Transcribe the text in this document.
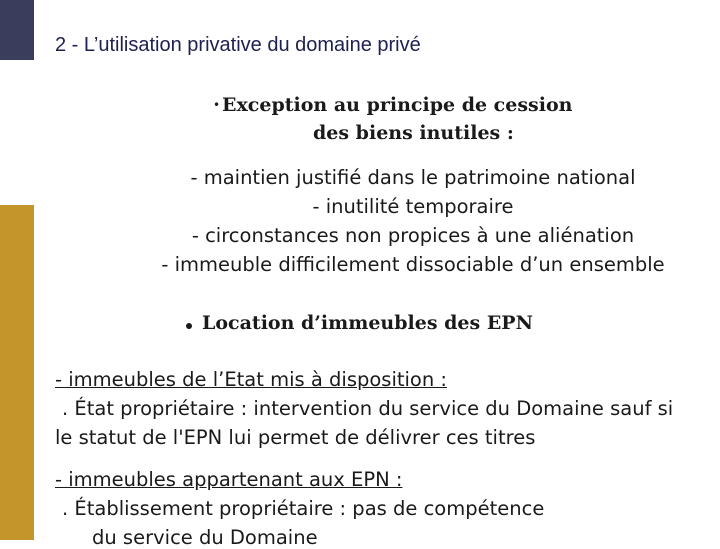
2 - L’utilisation privative du domaine privé
• Exception au principe de cession
des biens inutiles :
- maintien justifié dans le patrimoine national
- inutilité temporaire
- circonstances non propices à une aliénation
- immeuble difficilement dissociable d’un ensemble
Location d’immeubles des EPN
- immeubles de l’Etat mis à disposition :
. État propriétaire : intervention du service du Domaine sauf si
le statut de l'EPN lui permet de délivrer ces titres
- immeubles appartenant aux EPN :
. Établissement propriétaire : pas de compétence
du service du Domaine
